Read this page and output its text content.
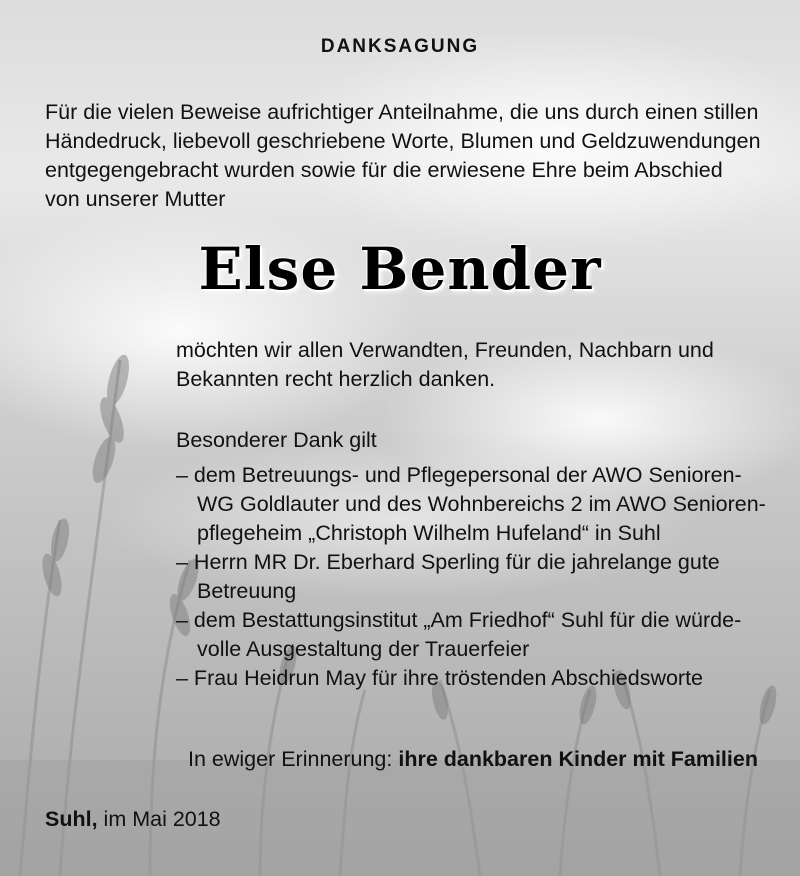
DANKSAGUNG
Für die vielen Beweise aufrichtiger Anteilnahme, die uns durch einen stillen
Händedruck, liebevoll geschriebene Worte, Blumen und Geldzuwendungen
entgegengebracht wurden sowie für die erwiesene Ehre beim Abschied
von unserer Mutter
Else Bender
möchten wir allen Verwandten, Freunden, Nachbarn und
Bekannten recht herzlich danken.
Besonderer Dank gilt
– dem Betreuungs- und Pflegepersonal der AWO Senioren-
WG Goldlauter und des Wohnbereichs 2 im AWO Senioren-
pflegeheim „Christoph Wilhelm Hufeland“ in Suhl
– Herrn MR Dr. Eberhard Sperling für die jahrelange gute
Betreuung
– dem Bestattungsinstitut „Am Friedhof“ Suhl für die würde-
volle Ausgestaltung der Trauerfeier
– Frau Heidrun May für ihre tröstenden Abschiedsworte
In ewiger Erinnerung: ihre dankbaren Kinder mit Familien
Suhl, im Mai 2018
